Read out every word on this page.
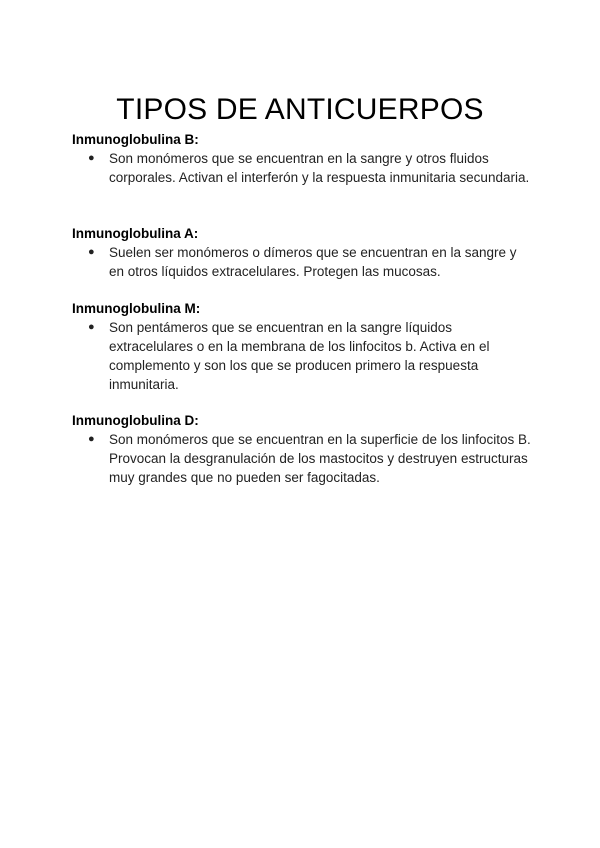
TIPOS DE ANTICUERPOS

Inmunoglobulina B:

● Son monómeros que se encuentran en la sangre y otros fluidos corporales. Activan el interferón y la respuesta inmunitaria secundaria.

Inmunoglobulina A:

● Suelen ser monómeros o dímeros que se encuentran en la sangre y en otros líquidos extracelulares. Protegen las mucosas.

Inmunoglobulina M:

● Son pentámeros que se encuentran en la sangre líquidos extracelulares o en la membrana de los linfocitos b. Activa en el complemento y son los que se producen primero la respuesta inmunitaria.

Inmunoglobulina D:

● Son monómeros que se encuentran en la superficie de los linfocitos B. Provocan la desgranulación de los mastocitos y destruyen estructuras muy grandes que no pueden ser fagocitadas.
